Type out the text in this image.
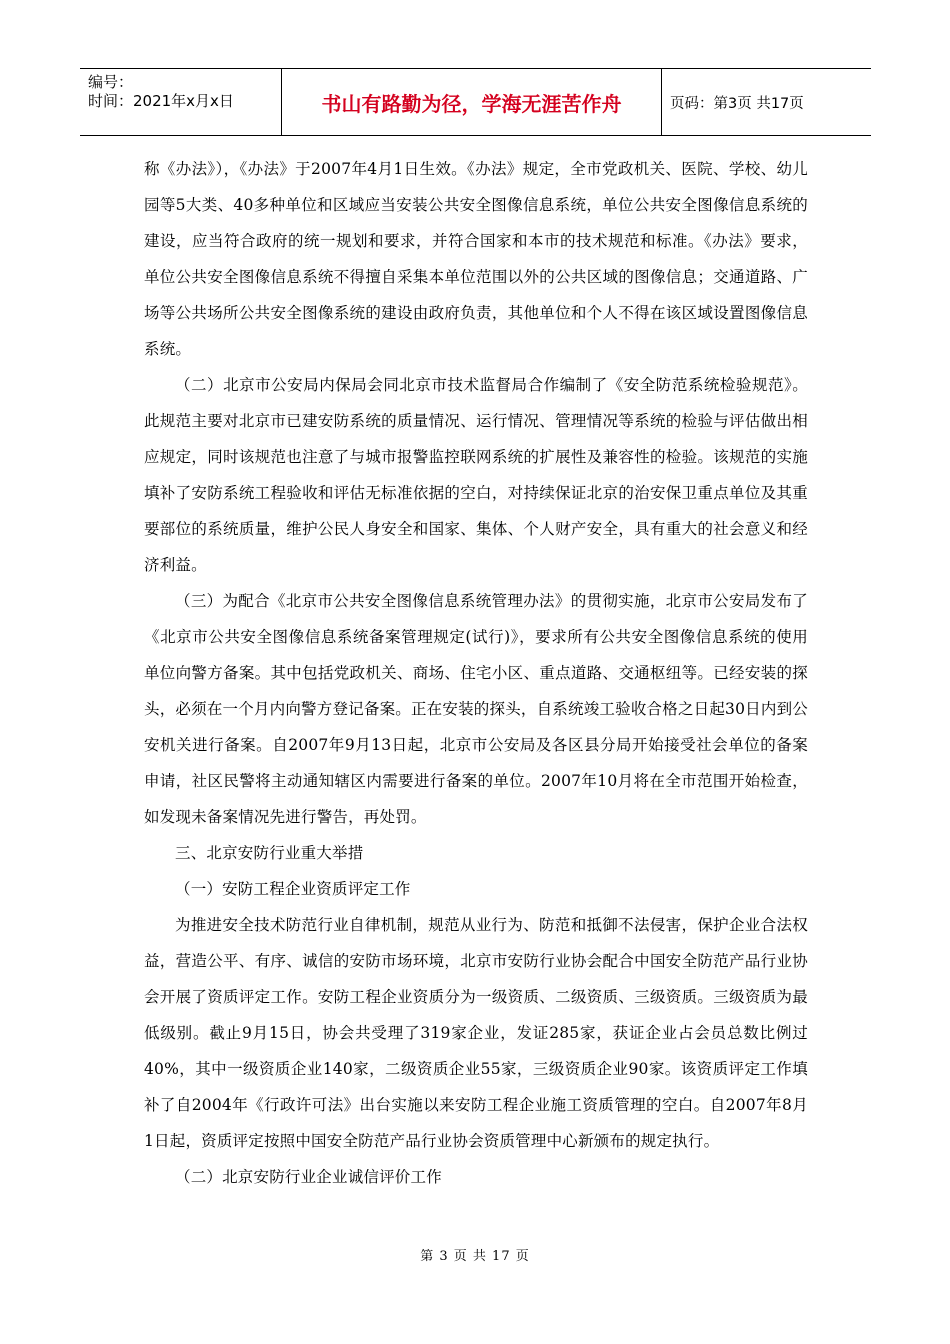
编号：
时间：2021年x月x日	书山有路勤为径，学海无涯苦作舟	页码：第3页 共17页

称《办法》），《办法》于2007年4月1日生效。《办法》规定，全市党政机关、医院、学校、幼儿园等5大类、40多种单位和区域应当安装公共安全图像信息系统，单位公共安全图像信息系统的建设，应当符合政府的统一规划和要求，并符合国家和本市的技术规范和标准。《办法》要求，单位公共安全图像信息系统不得擅自采集本单位范围以外的公共区域的图像信息；交通道路、广场等公共场所公共安全图像系统的建设由政府负责，其他单位和个人不得在该区域设置图像信息系统。

（二）北京市公安局内保局会同北京市技术监督局合作编制了《安全防范系统检验规范》。此规范主要对北京市已建安防系统的质量情况、运行情况、管理情况等系统的检验与评估做出相应规定，同时该规范也注意了与城市报警监控联网系统的扩展性及兼容性的检验。该规范的实施填补了安防系统工程验收和评估无标准依据的空白，对持续保证北京的治安保卫重点单位及其重要部位的系统质量，维护公民人身安全和国家、集体、个人财产安全，具有重大的社会意义和经济利益。

（三）为配合《北京市公共安全图像信息系统管理办法》的贯彻实施，北京市公安局发布了《北京市公共安全图像信息系统备案管理规定(试行)》，要求所有公共安全图像信息系统的使用单位向警方备案。其中包括党政机关、商场、住宅小区、重点道路、交通枢纽等。已经安装的探头，必须在一个月内向警方登记备案。正在安装的探头，自系统竣工验收合格之日起30日内到公安机关进行备案。自2007年9月13日起，北京市公安局及各区县分局开始接受社会单位的备案申请，社区民警将主动通知辖区内需要进行备案的单位。2007年10月将在全市范围开始检查，如发现未备案情况先进行警告，再处罚。

三、北京安防行业重大举措

（一）安防工程企业资质评定工作

为推进安全技术防范行业自律机制，规范从业行为、防范和抵御不法侵害，保护企业合法权益，营造公平、有序、诚信的安防市场环境，北京市安防行业协会配合中国安全防范产品行业协会开展了资质评定工作。安防工程企业资质分为一级资质、二级资质、三级资质。三级资质为最低级别。截止9月15日，协会共受理了319家企业，发证285家，获证企业占会员总数比例过40%，其中一级资质企业140家，二级资质企业55家，三级资质企业90家。该资质评定工作填补了自2004年《行政许可法》出台实施以来安防工程企业施工资质管理的空白。自2007年8月1日起，资质评定按照中国安全防范产品行业协会资质管理中心新颁布的规定执行。

（二）北京安防行业企业诚信评价工作

第 3 页 共 17 页
